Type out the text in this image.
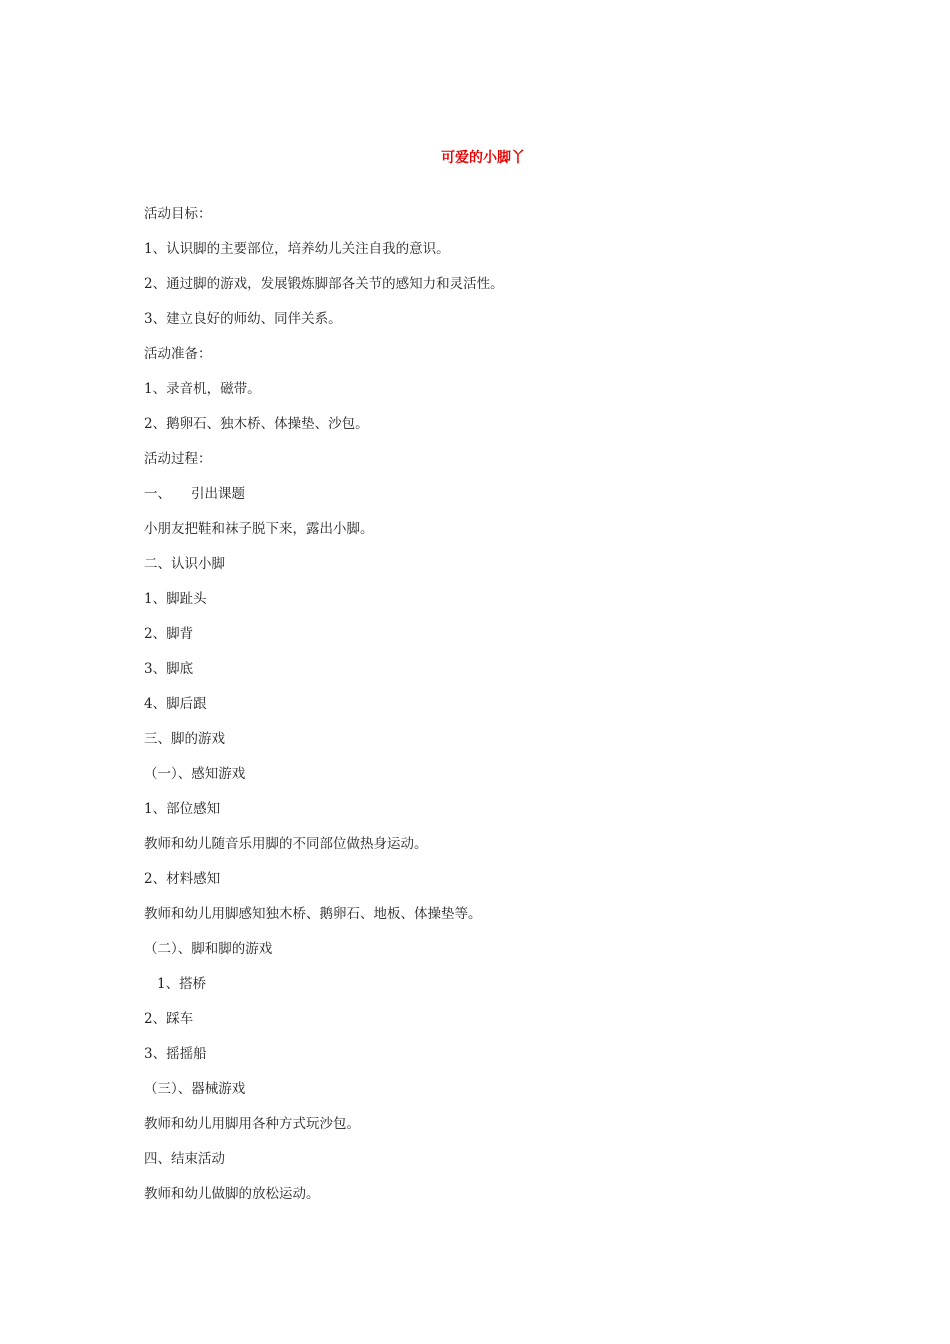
可爱的小脚丫
活动目标：
1、认识脚的主要部位，培养幼儿关注自我的意识。
2、通过脚的游戏，发展锻炼脚部各关节的感知力和灵活性。
3、建立良好的师幼、同伴关系。
活动准备：
1、录音机，磁带。
2、鹅卵石、独木桥、体操垫、沙包。
活动过程：
一、 引出课题
小朋友把鞋和袜子脱下来，露出小脚。
二、认识小脚
1、脚趾头
2、脚背
3、脚底
4、脚后跟
三、脚的游戏
（一）、感知游戏
1、部位感知
教师和幼儿随音乐用脚的不同部位做热身运动。
2、材料感知
教师和幼儿用脚感知独木桥、鹅卵石、地板、体操垫等。
（二）、脚和脚的游戏
1、搭桥
2、踩车
3、摇摇船
（三）、器械游戏
教师和幼儿用脚用各种方式玩沙包。
四、结束活动
教师和幼儿做脚的放松运动。
